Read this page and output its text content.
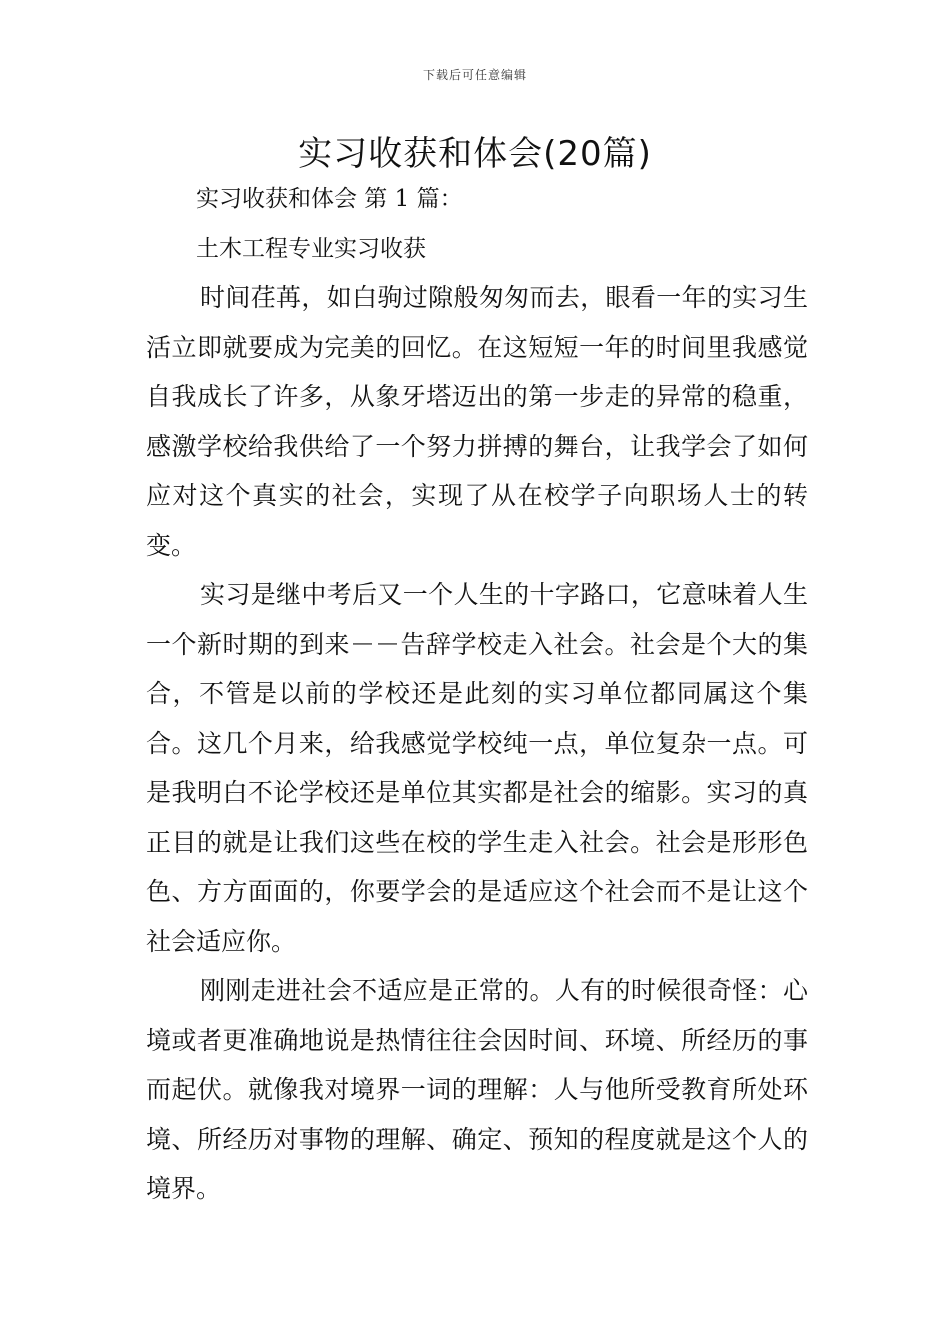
下载后可任意编辑
实习收获和体会(20篇)
实习收获和体会 第 1 篇：
土木工程专业实习收获

时间荏苒，如白驹过隙般匆匆而去，眼看一年的实习生活立即就要成为完美的回忆。在这短短一年的时间里我感觉自我成长了许多，从象牙塔迈出的第一步走的异常的稳重，感激学校给我供给了一个努力拼搏的舞台，让我学会了如何应对这个真实的社会，实现了从在校学子向职场人士的转变。

实习是继中考后又一个人生的十字路口，它意味着人生一个新时期的到来－－告辞学校走入社会。社会是个大的集合，不管是以前的学校还是此刻的实习单位都同属这个集合。这几个月来，给我感觉学校纯一点，单位复杂一点。可是我明白不论学校还是单位其实都是社会的缩影。实习的真正目的就是让我们这些在校的学生走入社会。社会是形形色色、方方面面的，你要学会的是适应这个社会而不是让这个社会适应你。

刚刚走进社会不适应是正常的。人有的时候很奇怪：心境或者更准确地说是热情往往会因时间、环境、所经历的事而起伏。就像我对境界一词的理解：人与他所受教育所处环境、所经历对事物的理解、确定、预知的程度就是这个人的境界。
